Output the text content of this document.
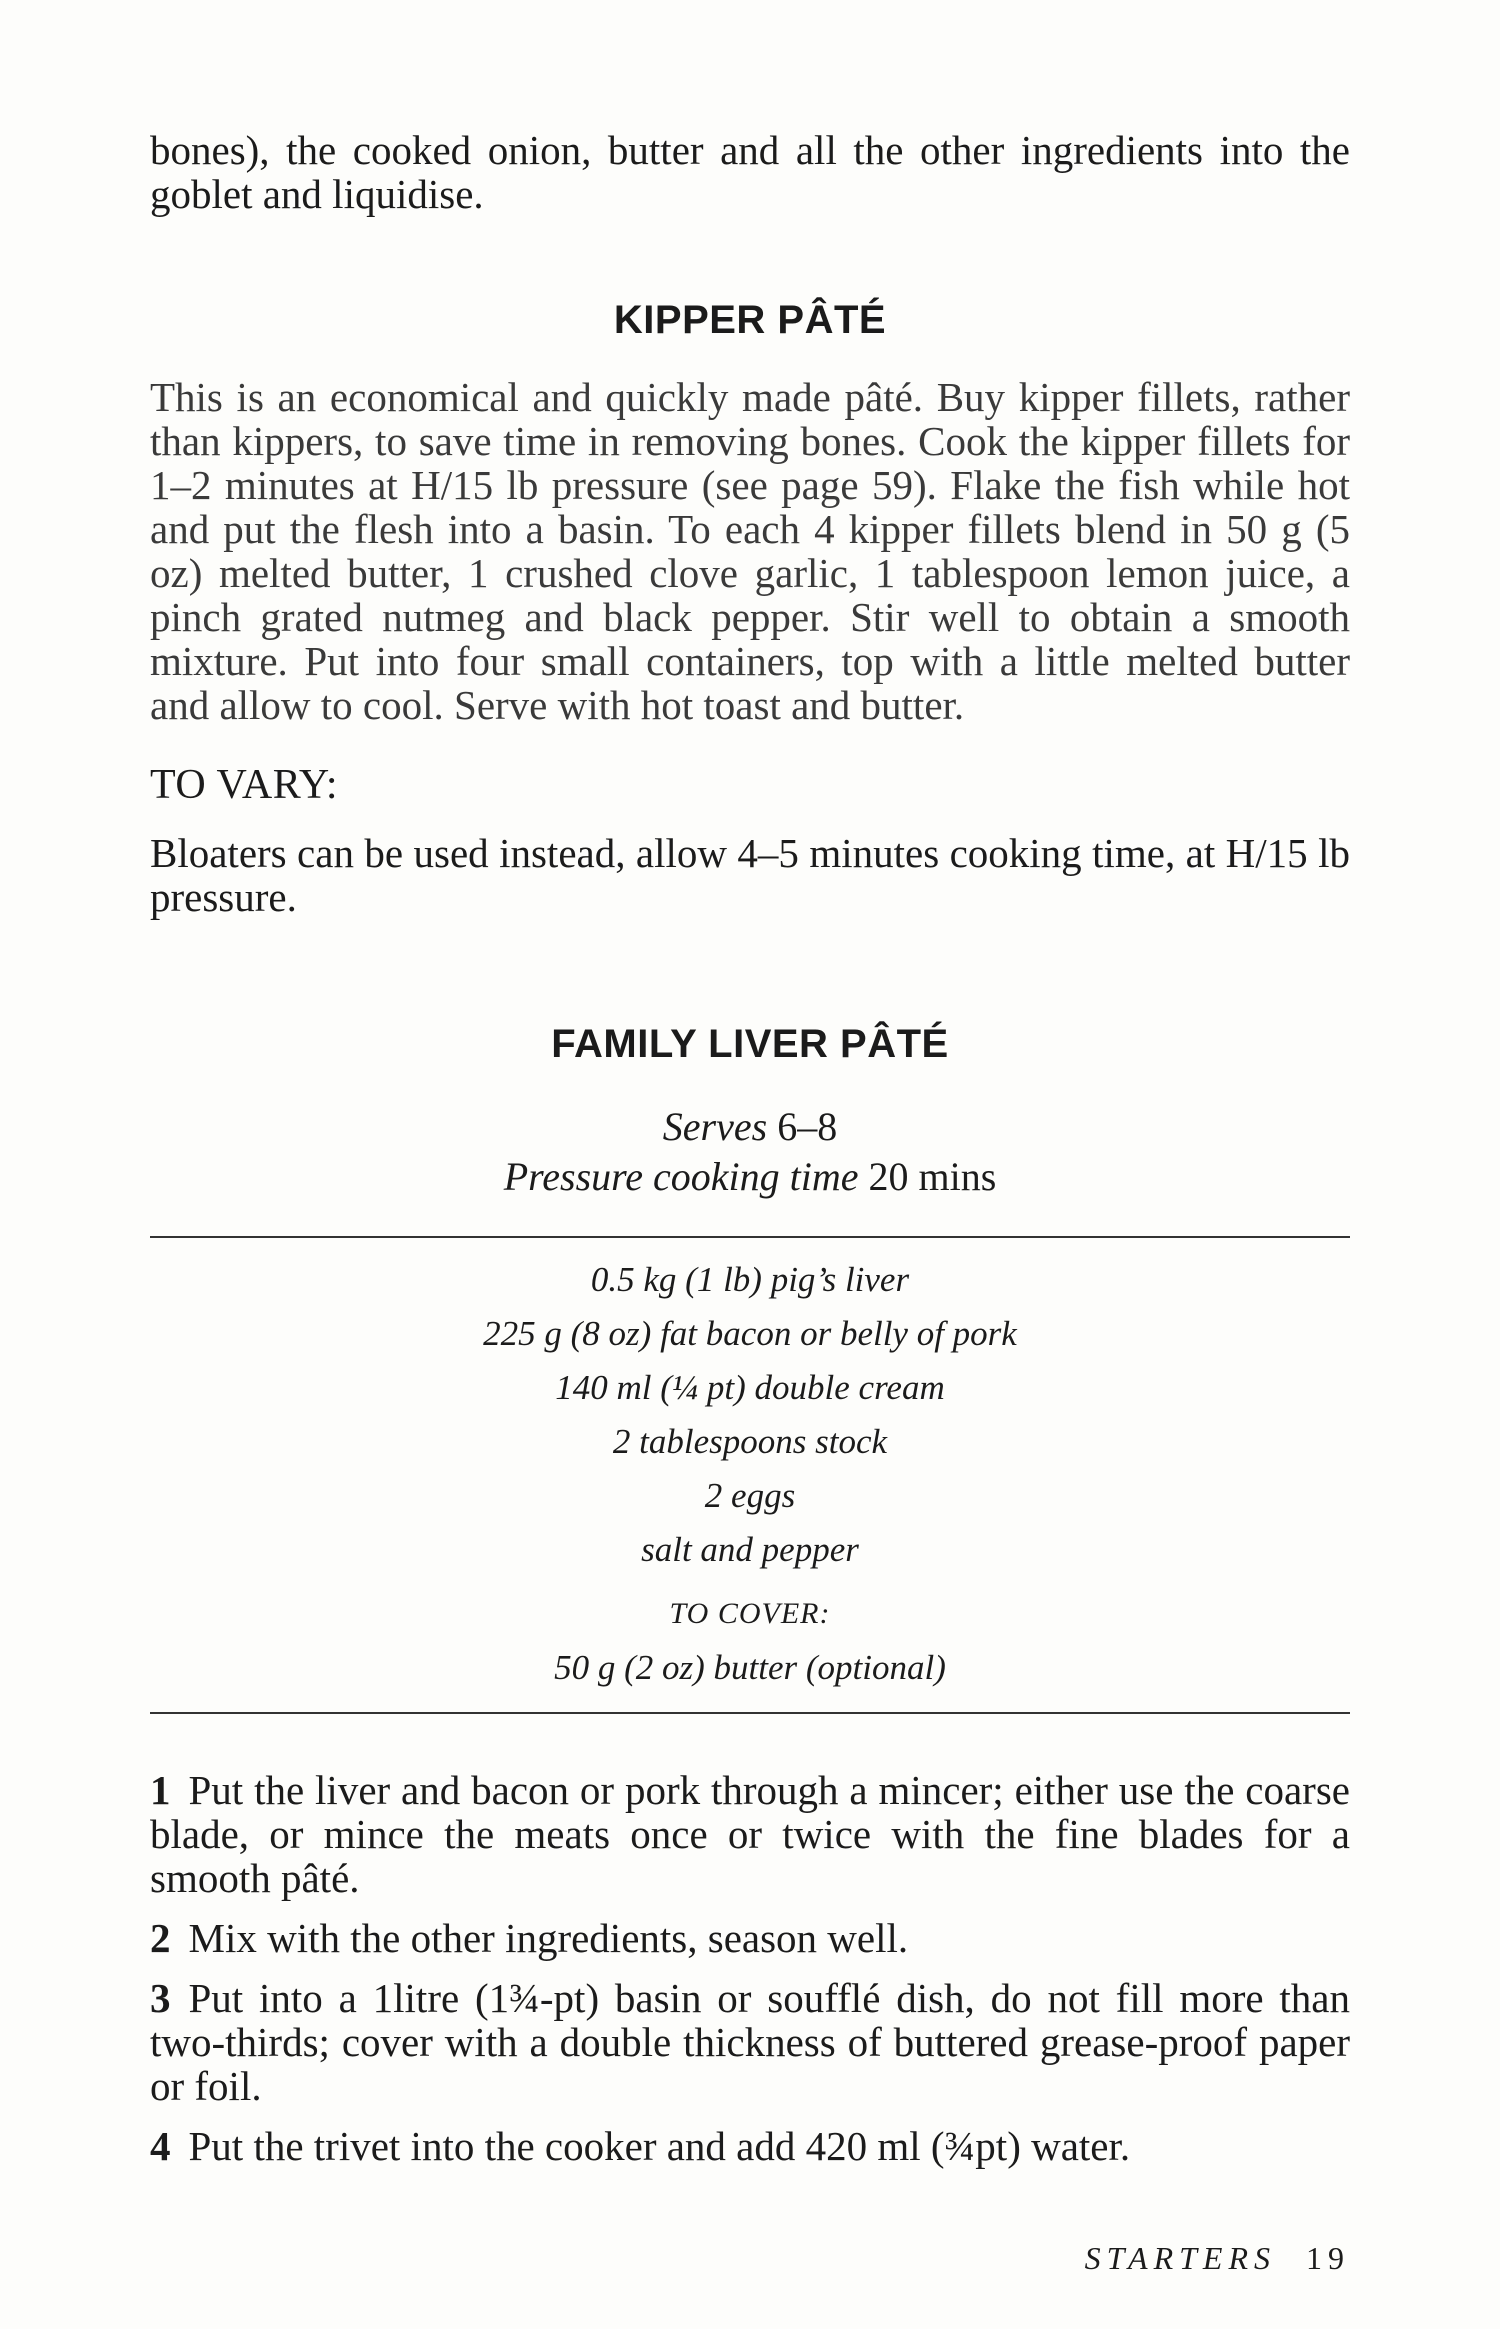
bones), the cooked onion, butter and all the other ingredients into the goblet and liquidise.

KIPPER PÂTÉ

This is an economical and quickly made pâté. Buy kipper fillets, rather than kippers, to save time in removing bones. Cook the kipper fillets for 1–2 minutes at H/15 lb pressure (see page 59). Flake the fish while hot and put the flesh into a basin. To each 4 kipper fillets blend in 50 g (5 oz) melted butter, 1 crushed clove garlic, 1 tablespoon lemon juice, a pinch grated nutmeg and black pepper. Stir well to obtain a smooth mixture. Put into four small containers, top with a little melted butter and allow to cool. Serve with hot toast and butter.

TO VARY:

Bloaters can be used instead, allow 4–5 minutes cooking time, at H/15 lb pressure.

FAMILY LIVER PÂTÉ

Serves 6–8

Pressure cooking time 20 mins

0.5 kg (1 lb) pig’s liver

225 g (8 oz) fat bacon or belly of pork

140 ml (¼ pt) double cream

2 tablespoons stock

2 eggs

salt and pepper

TO COVER:

50 g (2 oz) butter (optional)

1 Put the liver and bacon or pork through a mincer; either use the coarse blade, or mince the meats once or twice with the fine blades for a smooth pâté.

2 Mix with the other ingredients, season well.

3 Put into a 1litre (1¾-pt) basin or soufflé dish, do not fill more than two-thirds; cover with a double thickness of buttered grease-proof paper or foil.

4 Put the trivet into the cooker and add 420 ml (¾pt) water.

STARTERS 19
